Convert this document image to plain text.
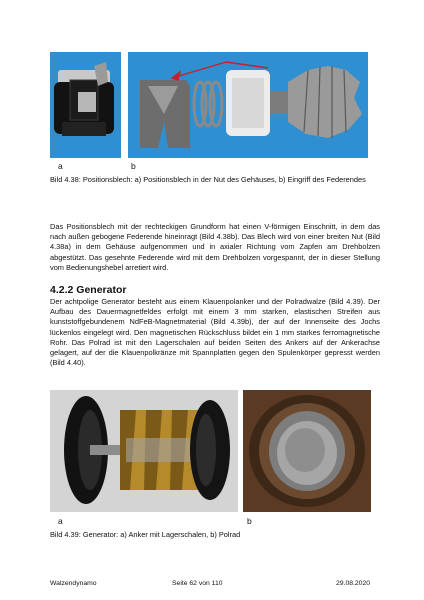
a	b
Bild 4.38: Positionsblech: a) Positionsblech in der Nut des Gehäuses, b) Eingriff des Federendes
Das Positionsblech mit der rechteckigen Grundform hat einen V-förmigen Einschnitt, in dem das nach außen gebogene Federende hineinragt (Bild 4.38b). Das Blech wird von einer breiten Nut (Bild 4.38a) in dem Gehäuse aufgenommen und in axialer Richtung vom Zapfen am Drehbolzen abgestützt. Das gesehnte Federende wird mit dem Drehbolzen vorgespannt, der in dieser Stellung vom Bedienungshebel arretiert wird.
4.2.2 Generator
Der achtpolige Generator besteht aus einem Klauenpolanker und der Polradwalze (Bild 4.39). Der Aufbau des Dauermagnetfeldes erfolgt mit einem 3 mm starken, elastischen Streifen aus kunststoffgebundenem NdFeB-Magnetmaterial (Bild 4.39b), der auf der Innenseite des Jochs lückenlos eingelegt wird. Den magnetischen Rückschluss bildet ein 1 mm starkes ferromagnetische Rohr. Das Polrad ist mit den Lagerschalen auf beiden Seiten des Ankers auf der Ankerachse gelagert, auf der die Klauenpolkränze mit Spannplatten gegen den Spulenkörper gepresst werden (Bild 4.40).
a	b
Bild 4.39: Generator: a) Anker mit Lagerschalen, b) Polrad
Walzendynamo	Seite 62 von 110	29.08.2020
